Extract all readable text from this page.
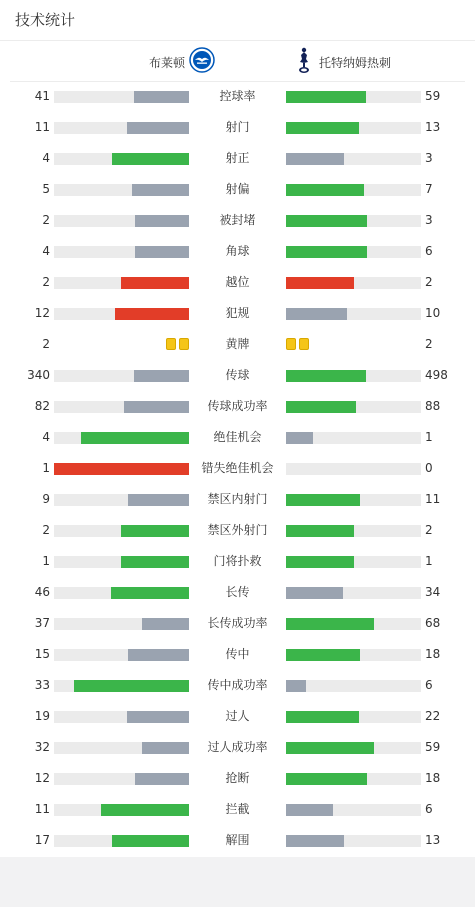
技术统计
布莱顿	托特纳姆热刺
41	控球率	59
11	射门	13
4	射正	3
5	射偏	7
2	被封堵	3
4	角球	6
2	越位	2
12	犯规	10
2	黄牌	2
340	传球	498
82	传球成功率	88
4	绝佳机会	1
1	错失绝佳机会	0
9	禁区内射门	11
2	禁区外射门	2
1	门将扑救	1
46	长传	34
37	长传成功率	68
15	传中	18
33	传中成功率	6
19	过人	22
32	过人成功率	59
12	抢断	18
11	拦截	6
17	解围	13
